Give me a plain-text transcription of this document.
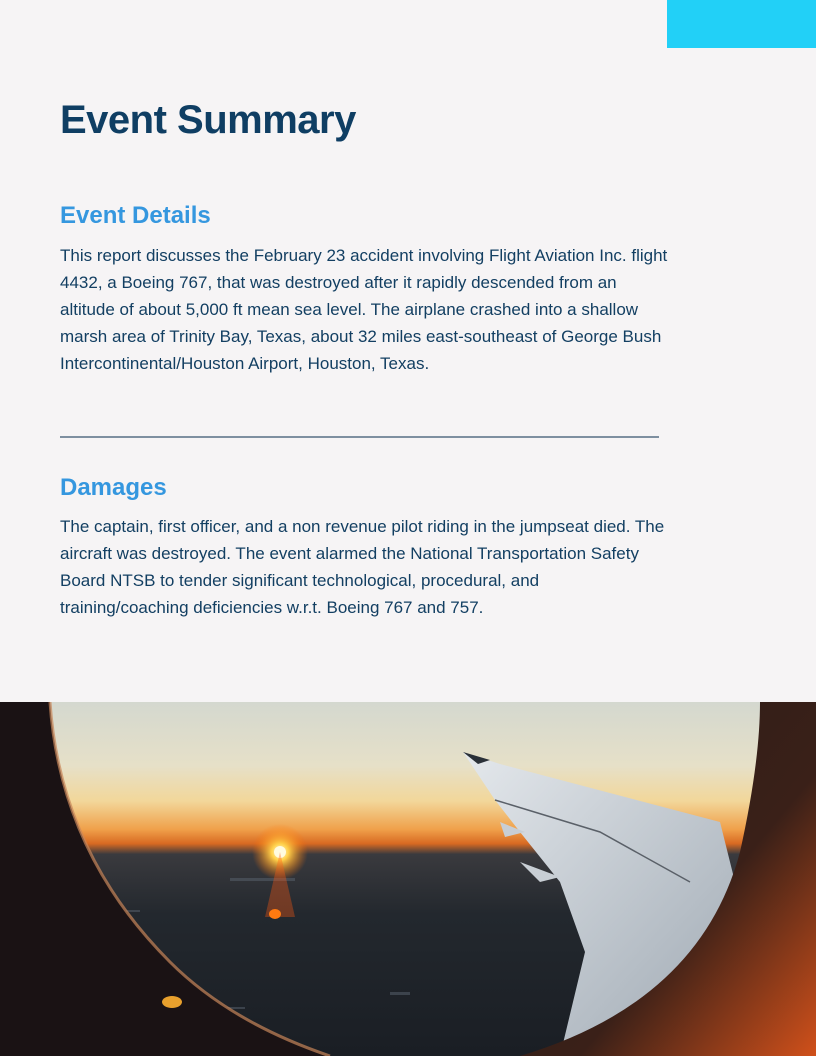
Event Summary
Event Details

This report discusses the February 23 accident involving Flight Aviation Inc. flight 4432, a Boeing 767, that was destroyed after it rapidly descended from an altitude of about 5,000 ft mean sea level. The airplane crashed into a shallow marsh area of Trinity Bay, Texas, about 32 miles east-southeast of George Bush Intercontinental/Houston Airport, Houston, Texas.

Damages

The captain, first officer, and a non revenue pilot riding in the jumpseat died. The aircraft was destroyed. The event alarmed the National Transportation Safety Board NTSB to tender significant technological, procedural, and training/coaching deficiencies w.r.t. Boeing 767 and 757.
